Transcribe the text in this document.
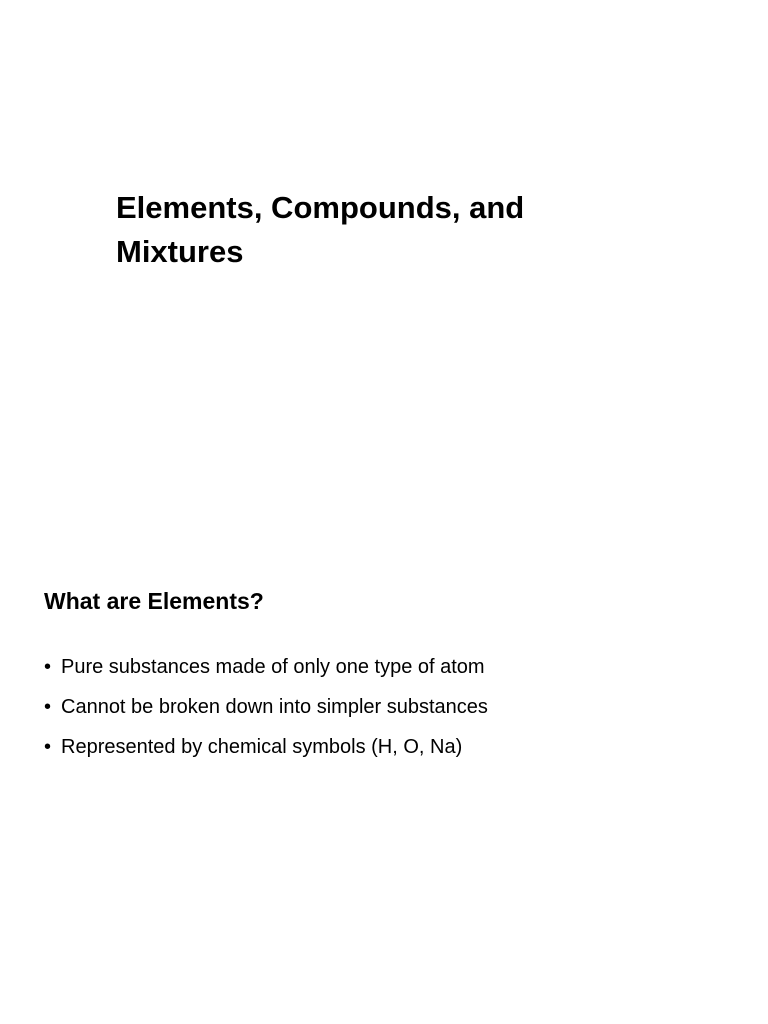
Elements, Compounds, and
Mixtures
What are Elements?
• Pure substances made of only one type of atom
• Cannot be broken down into simpler substances
• Represented by chemical symbols (H, O, Na)
